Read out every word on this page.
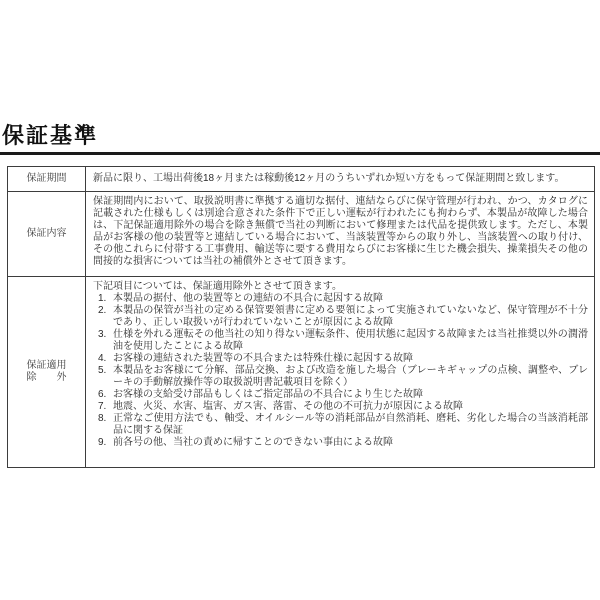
保証基準
保証期間	新品に限り、工場出荷後18ヶ月または稼動後12ヶ月のうちいずれか短い方をもって保証期間と致します。
保証内容
保証期間内において、取扱説明書に準拠する適切な据付、連結ならびに保守管理が行われ、かつ、カタログに記載された仕様もしくは別途合意された条件下で正しい運転が行われたにも拘わらず、本製品が故障した場合は、下記保証適用除外の場合を除き無償で当社の判断において修理または代品を提供致します。ただし、本製品がお客様の他の装置等と連結している場合において、当該装置等からの取り外し、当該装置への取り付け、その他これらに付帯する工事費用、輸送等に要する費用ならびにお客様に生じた機会損失、操業損失その他の間接的な損害については当社の補償外とさせて頂きます。
保証適用
除　　外
下記項目については、保証適用除外とさせて頂きます。
1. 本製品の据付、他の装置等との連結の不具合に起因する故障
2. 本製品の保管が当社の定める保管要領書に定める要領によって実施されていないなど、保守管理が不十分であり、正しい取扱いが行われていないことが原因による故障
3. 仕様を外れる運転その他当社の知り得ない運転条件、使用状態に起因する故障または当社推奨以外の潤滑油を使用したことによる故障
4. お客様の連結された装置等の不具合または特殊仕様に起因する故障
5. 本製品をお客様にて分解、部品交換、および改造を施した場合（ブレーキギャップの点検、調整や、ブレーキの手動解放操作等の取扱説明書記載項目を除く）
6. お客様の支給受け部品もしくはご指定部品の不具合により生じた故障
7. 地震、火災、水害、塩害、ガス害、落雷、その他の不可抗力が原因による故障
8. 正常なご使用方法でも、軸受、オイルシール等の消耗部品が自然消耗、磨耗、劣化した場合の当該消耗部品に関する保証
9. 前各号の他、当社の責めに帰すことのできない事由による故障
